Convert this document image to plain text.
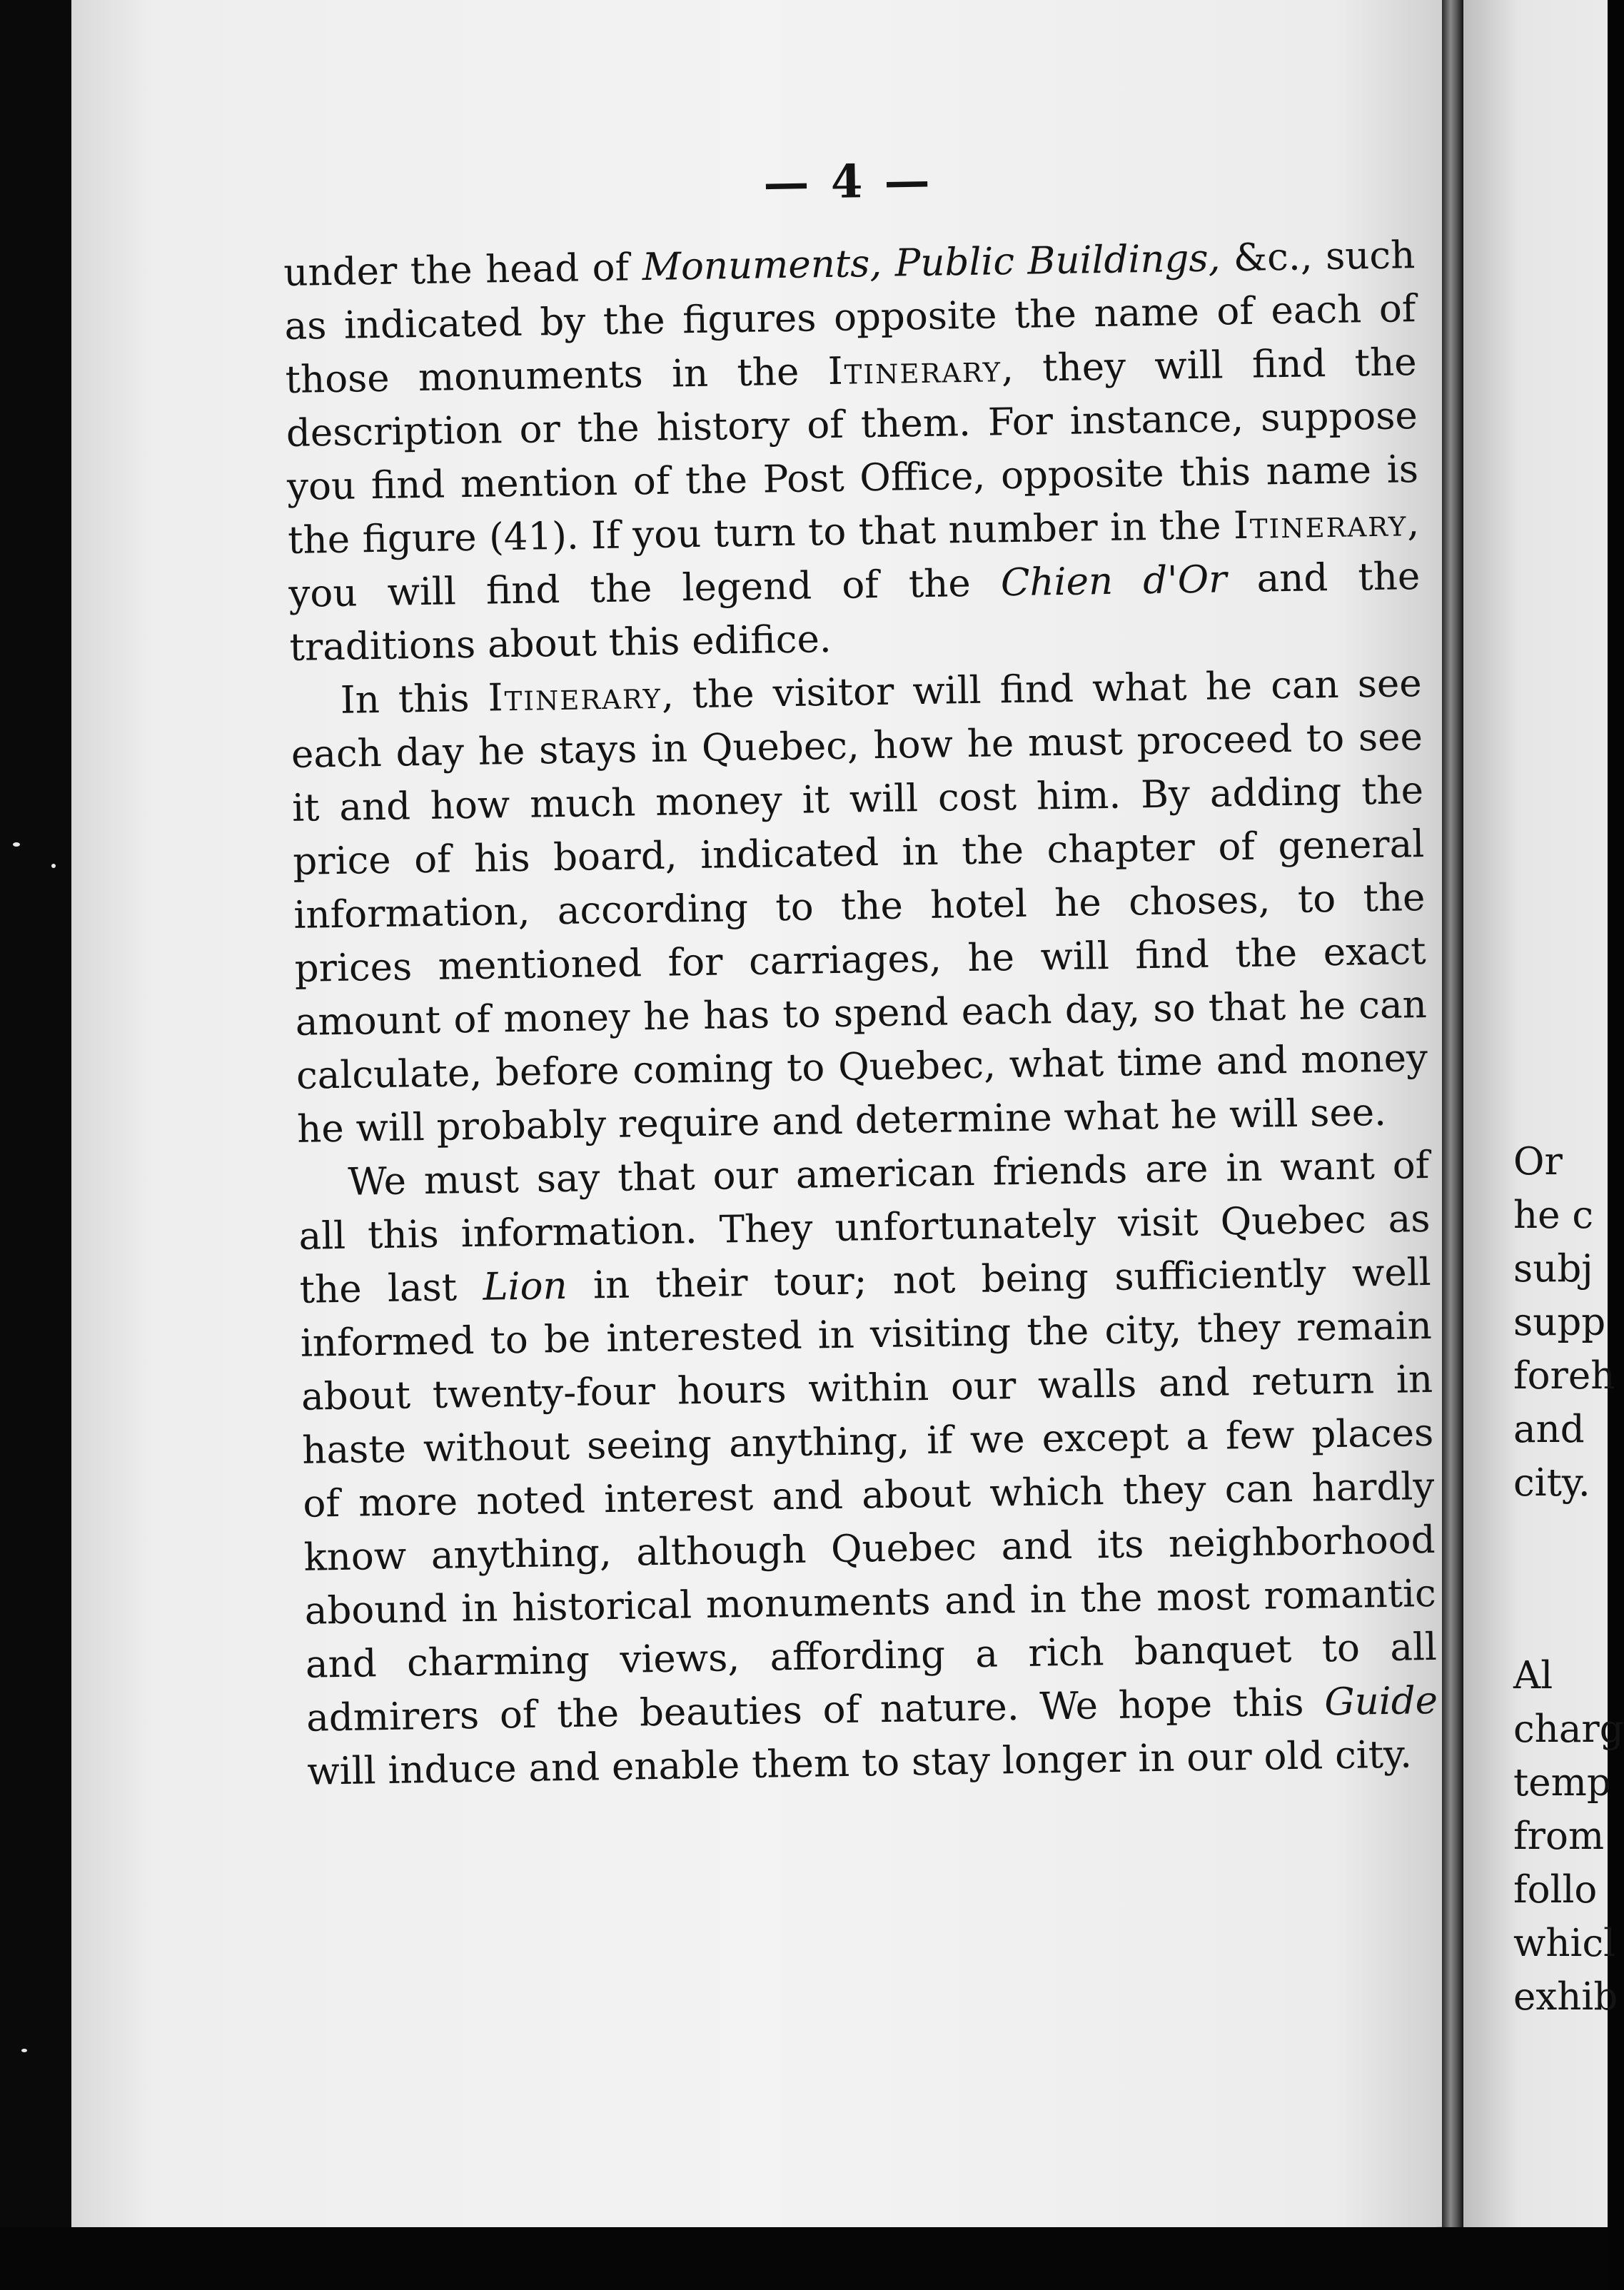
— 4 —

under the head of Monuments, Public Buildings, &c., such as indicated by the figures opposite the name of each of those monuments in the Itinerary, they will find the description or the history of them. For instance, suppose you find mention of the Post Office, opposite this name is the figure (41). If you turn to that number in the Itinerary, you will find the legend of the Chien d'Or and the traditions about this edifice.

In this Itinerary, the visitor will find what he can see each day he stays in Quebec, how he must proceed to see it and how much money it will cost him. By adding the price of his board, indicated in the chapter of general information, according to the hotel he choses, to the prices mentioned for carriages, he will find the exact amount of money he has to spend each day, so that he can calculate, before coming to Quebec, what time and money he will probably require and determine what he will see.

We must say that our american friends are in want of all this information. They unfortunately visit Quebec as the last Lion in their tour; not being sufficiently well informed to be interested in visiting the city, they remain about twenty-four hours within our walls and return in haste without seeing anything, if we except a few places of more noted interest and about which they can hardly know anything, although Quebec and its neighborhood abound in historical monuments and in the most romantic and charming views, affording a rich banquet to all admirers of the beauties of nature. We hope this Guide will induce and enable them to stay longer in our old city.

Or
he c
subj
supp
foreh
and
city.
Al
charg
temp
from
follo
whicl
exhib
